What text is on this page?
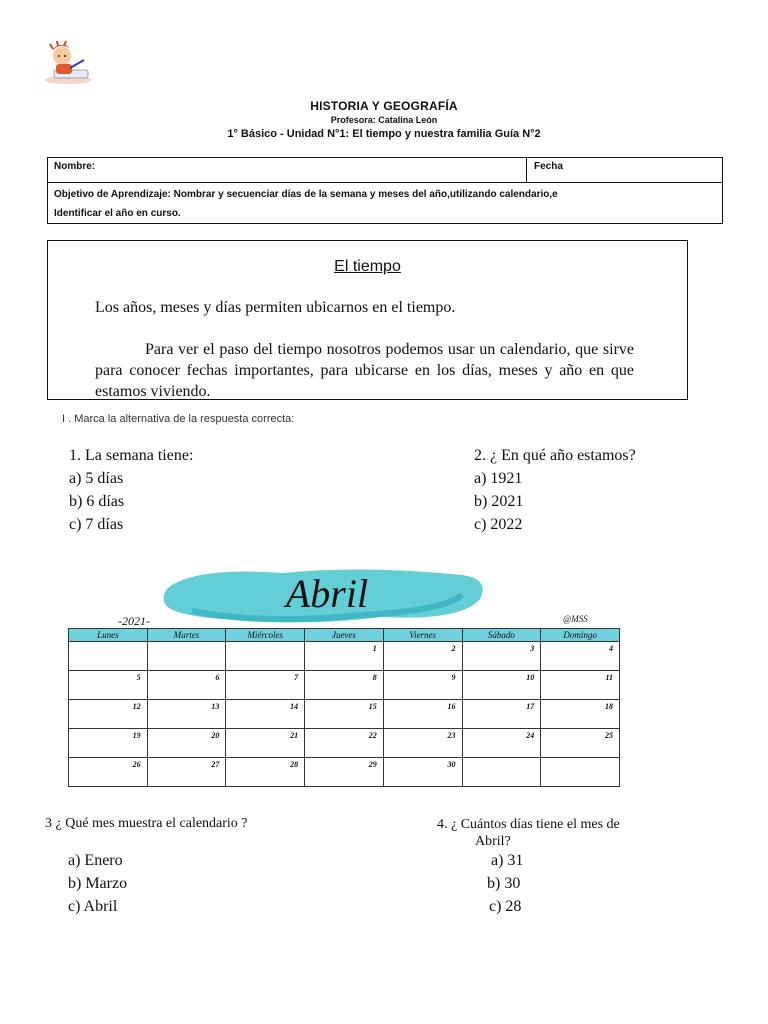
HISTORIA Y GEOGRAFÍA
Profesora: Catalina León
1° Básico - Unidad N°1: El tiempo y nuestra familia Guía N°2
Nombre:	Fecha
Objetivo de Aprendizaje: Nombrar y secuenciar días de la semana y meses del año,utilizando calendario,e
Identificar el año en curso.
El tiempo
Los años, meses y días permiten ubicarnos en el tiempo.
Para ver el paso del tiempo nosotros podemos usar un calendario, que sirve para conocer fechas importantes, para ubicarse en los días, meses y año en que estamos viviendo.
I . Marca la alternativa de la respuesta correcta:
1. La semana tiene:
a) 5 días
b) 6 días
c) 7 días
2. ¿ En qué año estamos?
a) 1921
b) 2021
c) 2022
Abril
-2021-	@MSS
Lunes	Martes	Miércoles	Jueves	Viernes	Sábado	Domingo
			1	2	3	4
5	6	7	8	9	10	11
12	13	14	15	16	17	18
19	20	21	22	23	24	25
26	27	28	29	30		
3 ¿ Qué mes muestra el calendario ?
a) Enero
b) Marzo
c) Abril
4. ¿ Cuántos días tiene el mes de
Abril?
a) 31
b) 30
c) 28
